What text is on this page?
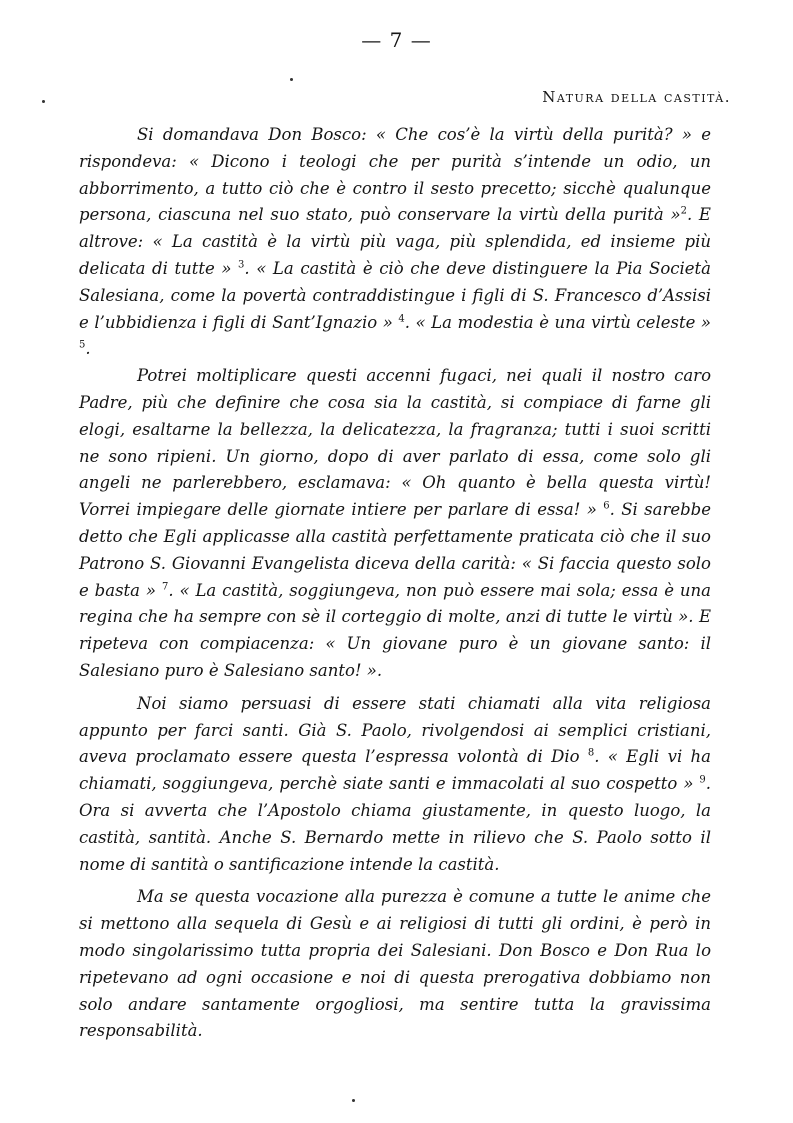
— 7 —
Natura della castità.

Si domandava Don Bosco: « Che cos’è la virtù della purità? » e rispondeva: « Dicono i teologi che per purità s’intende un odio, un abborrimento, a tutto ciò che è contro il sesto precetto; sicchè qualunque persona, ciascuna nel suo stato, può conservare la virtù della purità »$^2$. E altrove: « La castità è la virtù più vaga, più splendida, ed insieme più delicata di tutte » $^3$. « La castità è ciò che deve distinguere la Pia Società Salesiana, come la povertà contraddistingue i figli di S. Francesco d’Assisi e l’ubbidienza i figli di Sant’Ignazio » $^4$. « La modestia è una virtù celeste » $^5$.

Potrei moltiplicare questi accenni fugaci, nei quali il nostro caro Padre, più che definire che cosa sia la castità, si compiace di farne gli elogi, esaltarne la bellezza, la delicatezza, la fragranza; tutti i suoi scritti ne sono ripieni. Un giorno, dopo di aver parlato di essa, come solo gli angeli ne parlerebbero, esclamava: « Oh quanto è bella questa virtù! Vorrei impiegare delle giornate intiere per parlare di essa! » $^6$. Si sarebbe detto che Egli applicasse alla castità perfettamente praticata ciò che il suo Patrono S. Giovanni Evangelista diceva della carità: « Si faccia questo solo e basta » $^7$. « La castità, soggiungeva, non può essere mai sola; essa è una regina che ha sempre con sè il corteggio di molte, anzi di tutte le virtù ». E ripeteva con compiacenza: « Un giovane puro è un giovane santo: il Salesiano puro è Salesiano santo! ».

Noi siamo persuasi di essere stati chiamati alla vita religiosa appunto per farci santi. Già S. Paolo, rivolgendosi ai semplici cristiani, aveva proclamato essere questa l’espressa volontà di Dio $^8$. « Egli vi ha chiamati, soggiungeva, perchè siate santi e immacolati al suo cospetto » $^9$. Ora si avverta che l’Apostolo chiama giustamente, in questo luogo, la castità, santità. Anche S. Bernardo mette in rilievo che S. Paolo sotto il nome di santità o santificazione intende la castità.

Ma se questa vocazione alla purezza è comune a tutte le anime che si mettono alla sequela di Gesù e ai religiosi di tutti gli ordini, è però in modo singolarissimo tutta propria dei Salesiani. Don Bosco e Don Rua lo ripetevano ad ogni occasione e noi di questa prerogativa dobbiamo non solo andare santamente orgogliosi, ma sentire tutta la gravissima responsabilità.
